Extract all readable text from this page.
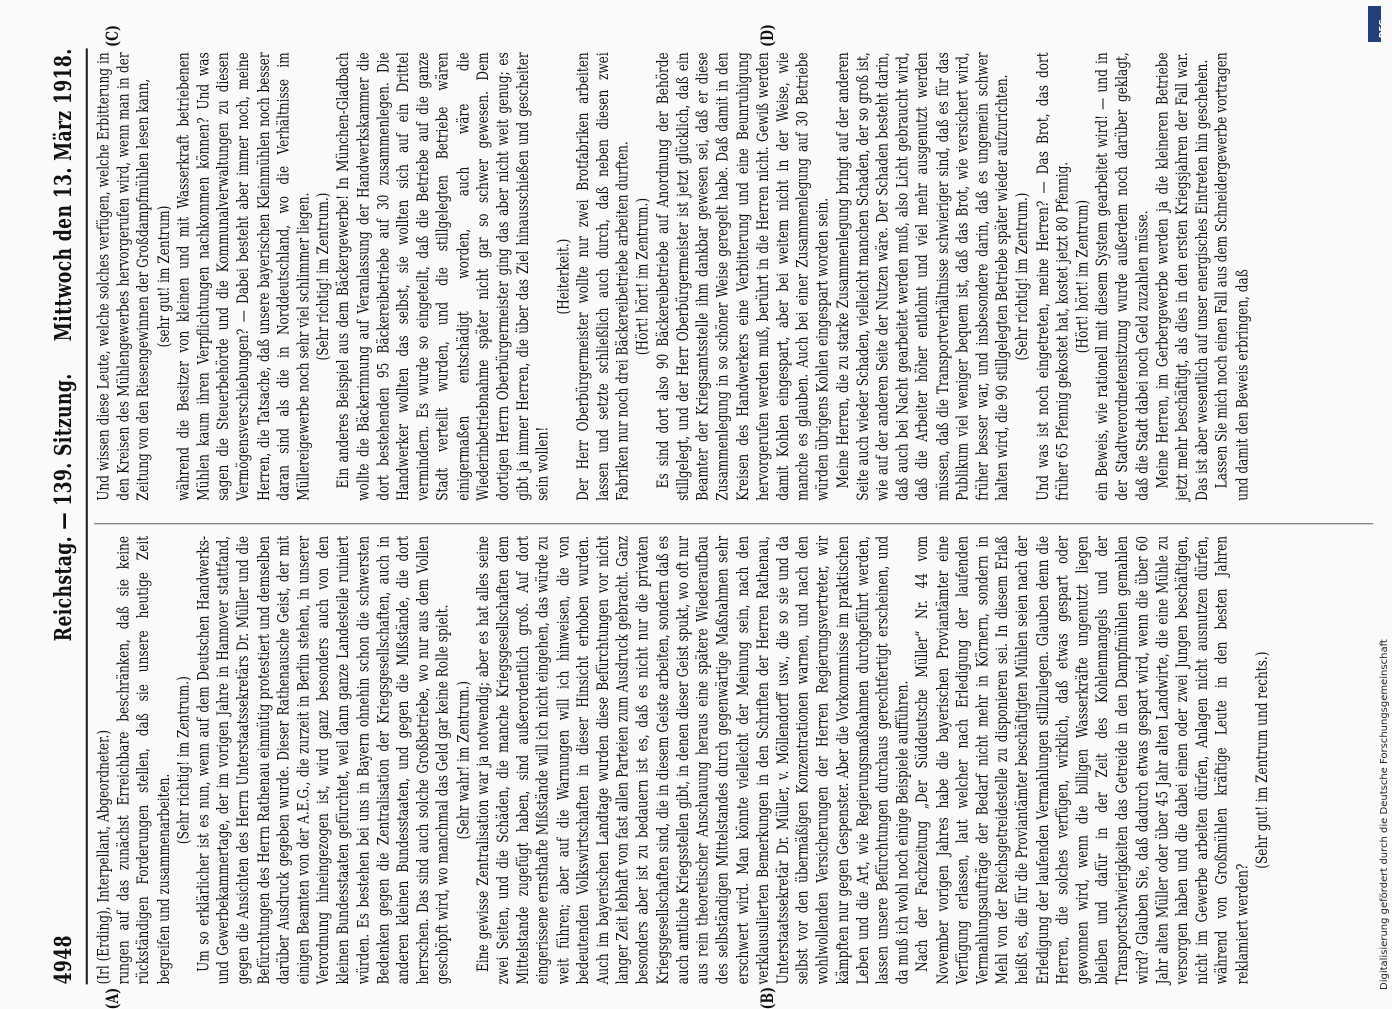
4948
Reichstag. — 139. Sitzung.
Mittwoch den 13. März 1918.

(Irl (Erding), Interpellant, Abgeordneter.) rungen auf das zunächst Erreichbare beschränken, daß sie keine rückständigen Forderungen stellen, daß sie unsere heutige Zeit begreifen und zusammenarbeiten.

(Sehr richtig! im Zentrum.) Um so erklärlicher ist es nun, wenn auf dem Deutschen Handwerks- und Gewerbekammertage, der im vorigen Jahre in Hannover stattfand, gegen die Ansichten des Herrn Unterstaatssekretärs Dr. Müller und die Befürchtungen des Herrn Rathenau einmütig protestiert und demselben darüber Ausdruck gegeben wurde. Dieser Rathenausche Geist, der mit einigen Beamten von der A.E.G., die zurzeit in Berlin stehen, in unserer Verordnung hineingezogen ist, wird ganz besonders auch von den kleinen Bundesstaaten gefürchtet, weil dann ganze Landesteile ruiniert würden. Es bestehen bei uns in Bayern ohnehin schon die schwersten Bedenken gegen die Zentralisation der Kriegsgesellschaften, auch in anderen kleinen Bundesstaaten, und gegen die Mißstände, die dort herrschen. Das sind auch solche Großbetriebe, wo nur aus dem Vollen geschöpft wird, wo manchmal das Geld gar keine Rolle spielt. (Sehr wahr! im Zentrum.) Eine gewisse Zentralisation war ja notwendig; aber es hat alles seine zwei Seiten, und die Schäden, die manche Kriegsgesellschaften dem Mittelstande zugefügt haben, sind außerordentlich groß. Auf dort eingerissene ernsthafte Mißstände will ich nicht eingehen, das würde zu weit führen; aber auf die Warnungen will ich hinweisen, die von bedeutenden Volkswirtschaften in dieser Hinsicht erhoben wurden. Auch im bayerischen Landtage wurden diese Befürchtungen vor nicht langer Zeit lebhaft von fast allen Parteien zum Ausdruck gebracht. Ganz besonders aber ist zu bedauern ist es, daß es nicht nur die privaten Kriegsgesellschaften sind, die in diesem Geiste arbeiten, sondern daß es auch amtliche Kriegsstellen gibt, in denen dieser Geist spukt, wo oft nur aus rein theoretischer Anschauung heraus eine spätere Wiederaufbau des selbständigen Mittelstandes durch gegenwärtige Maßnahmen sehr erschwert wird. Man könnte vielleicht der Meinung sein, nach den verklausulierten Bemerkungen in den Schriften der Herren Rathenau, Unterstaatssekretär Dr. Müller, v. Möllendorff usw., die so sie und da selbst vor den übermäßigen Konzentrationen warnen, und nach den wohlwollenden Versicherungen der Herren Regierungsvertreter, wir kämpften nur gegen Gespenster. Aber die Vorkommnisse im praktischen Leben und die Art, wie Regierungsmaßnahmen durchgeführt werden, lassen unsere Befürchtungen durchaus gerechtfertigt erscheinen, und da muß ich wohl noch einige Beispiele aufführen. Nach der Fachzeitung „Der Süddeutsche Müller“ Nr. 44 vom November vorigen Jahres habe die bayerischen Proviantämter eine Verfügung erlassen, laut welcher nach Erledigung der laufenden Vermahlungsaufträge der Bedarf nicht mehr in Körnern, sondern in Mehl von der Reichsgetreidestelle zu disponieren sei. In diesem Erlaß heißt es, die für die Proviantämter beschäftigten Mühlen seien nach der Erledigung der laufenden Vermahlungen stillzulegen. Glauben denn die Herren, die solches verfügen, wirklich, daß etwas gespart oder gewonnen wird, wenn die billigen Wasserkräfte ungenutzt liegen bleiben und dafür in der Zeit des Kohlenmangels und der Transportschwierigkeiten das Getreide in den Dampfmühlen gemahlen wird? Glauben Sie, daß dadurch etwas gespart wird, wenn die über 60 Jahr alten Müller oder über 45 Jahr alten Landwirte, die eine Mühle zu versorgen haben und die dabei einen oder zwei Jungen beschäftigen, nicht im Gewerbe arbeiten dürfen, Anlagen nicht ausnutzen dürfen, während von Großmühlen kräftige Leute in den besten Jahren reklamiert werden?

(Sehr gut! im Zentrum und rechts.)

Und wissen diese Leute, welche solches verfügen, welche Erbitterung in den Kreisen des Mühlengewerbes hervorgerufen wird, wenn man in der Zeitung von den Riesengewinnen der Großdampfmühlen lesen kann, (sehr gut! im Zentrum) während die Besitzer von kleinen und mit Wasserkraft betriebenen Mühlen kaum ihren Verpflichtungen nachkommen können? Und was sagen die Steuerbehörde und die Kommunalverwaltungen zu diesen Vermögensverschiebungen? — Dabei besteht aber immer noch, meine Herren, die Tatsache, daß unsere bayerischen Kleinmühlen noch besser daran sind als die in Norddeutschland, wo die Verhältnisse im Müllereigewerbe noch sehr viel schlimmer liegen. (Sehr richtig! im Zentrum.) Ein anderes Beispiel aus dem Bäckergewerbe! In München-Gladbach wollte die Bäckerinnung auf Veranlassung der Handwerkskammer die dort bestehenden 95 Bäckereibetriebe auf 30 zusammenlegen. Die Handwerker wollten das selbst, sie wollten sich auf ein Drittel vermindern. Es wurde so eingeteilt, daß die Betriebe auf die ganze Stadt verteilt wurden, und die stillgelegten Betriebe wären einigermaßen entschädigt worden, auch wäre die Wiederinbetriebnahme später nicht gar so schwer gewesen. Dem dortigen Herrn Oberbürgermeister ging das aber nicht weit genug; es gibt ja immer Herren, die über das Ziel hinausschießen und gescheiter sein wollen!

(Heiterkeit.) Der Herr Oberbürgermeister wollte nur zwei Brotfabriken arbeiten lassen und setzte schließlich auch durch, daß neben diesen zwei Fabriken nur noch drei Bäckereibetriebe arbeiten durften. (Hört! hört! im Zentrum.) Es sind dort also 90 Bäckereibetriebe auf Anordnung der Behörde stillgelegt, und der Herr Oberbürgermeister ist jetzt glücklich, daß ein Beamter der Kriegsamtsstelle ihm dankbar gewesen sei, daß er diese Zusammenlegung in so schöner Weise geregelt habe. Daß damit in den Kreisen des Handwerkers eine Verbitterung und eine Beunruhigung hervorgerufen werden muß, berührt in die Herren nicht. Gewiß werden damit Kohlen eingespart, aber bei weitem nicht in der Weise, wie manche es glauben. Auch bei einer Zusammenlegung auf 30 Betriebe würden übrigens Kohlen eingespart worden sein. Meine Herren, die zu starke Zusammenlegung bringt auf der anderen Seite auch wieder Schaden, vielleicht manchen Schaden, der so groß ist, wie auf der anderen Seite der Nutzen wäre. Der Schaden besteht darin, daß auch bei Nacht gearbeitet werden muß, also Licht gebraucht wird, daß die Arbeiter höher entlohnt und viel mehr ausgenutzt werden müssen, daß die Transportverhältnisse schwieriger sind, daß es für das Publikum viel weniger bequem ist, daß das Brot, wie versichert wird, früher besser war, und insbesondere darin, daß es ungemein schwer halten wird, die 90 stillgelegten Betriebe später wieder aufzurichten. (Sehr richtig! im Zentrum.) Und was ist noch eingetreten, meine Herren? — Das Brot, das dort früher 65 Pfennig gekostet hat, kostet jetzt 80 Pfennig. (Hört! hört! im Zentrum) ein Beweis, wie rationell mit diesem System gearbeitet wird! — und in der Stadtverordnetensitzung wurde außerdem noch darüber geklagt, daß die Stadt dabei noch Geld zuzahlen müsse. Meine Herren, im Gerbergewerbe werden ja die kleineren Betriebe jetzt mehr beschäftigt, als dies in den ersten Kriegsjahren der Fall war. Das ist aber wesentlich auf unser energisches Eintreten hin geschehen. Lassen Sie mich noch einen Fall aus dem Schneidergewerbe vortragen und damit den Beweis erbringen, daß

(A)	(B)
(C)	(D)
Digitalisierung gefördert durch die Deutsche Forschungsgemeinschaft
DFG
